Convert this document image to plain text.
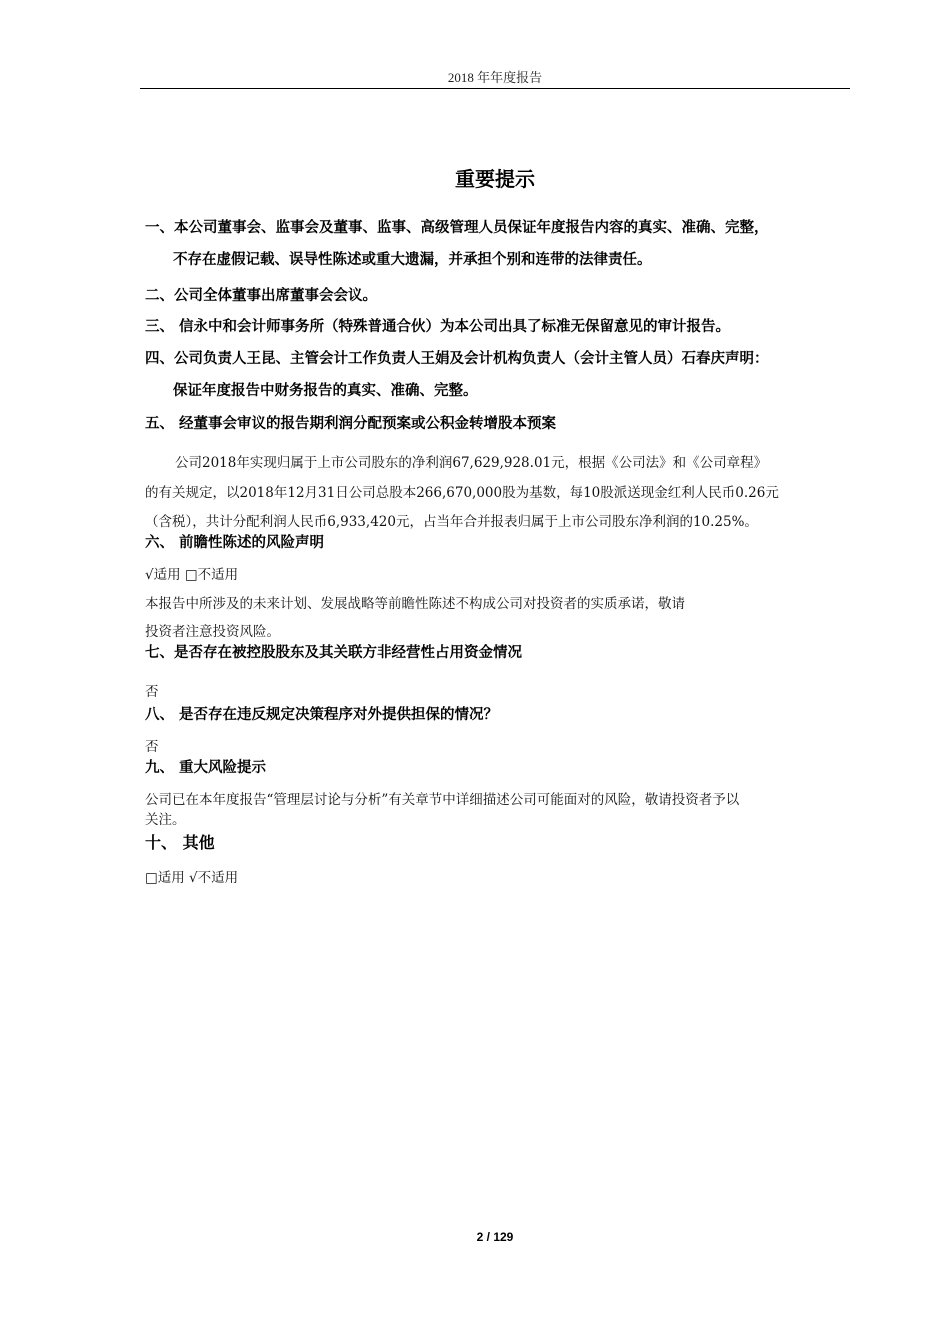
2018 年年度报告
重要提示
一、本公司董事会、监事会及董事、监事、高级管理人员保证年度报告内容的真实、准确、完整，
不存在虚假记载、误导性陈述或重大遗漏，并承担个别和连带的法律责任。
二、公司全体董事出席董事会会议。
三、 信永中和会计师事务所（特殊普通合伙）为本公司出具了标准无保留意见的审计报告。
四、公司负责人王昆、主管会计工作负责人王娟及会计机构负责人（会计主管人员）石春庆声明：
保证年度报告中财务报告的真实、准确、完整。
五、 经董事会审议的报告期利润分配预案或公积金转增股本预案
公司2018年实现归属于上市公司股东的净利润67,629,928.01元，根据《公司法》和《公司章程》
的有关规定，以2018年12月31日公司总股本266,670,000股为基数，每10股派送现金红利人民币0.26元
（含税），共计分配利润人民币6,933,420元，占当年合并报表归属于上市公司股东净利润的10.25%。
六、 前瞻性陈述的风险声明
√适用 □不适用
本报告中所涉及的未来计划、发展战略等前瞻性陈述不构成公司对投资者的实质承诺，敬请
投资者注意投资风险。
七、是否存在被控股股东及其关联方非经营性占用资金情况
否
八、 是否存在违反规定决策程序对外提供担保的情况？
否
九、 重大风险提示
公司已在本年度报告“管理层讨论与分析”有关章节中详细描述公司可能面对的风险，敬请投资者予以
关注。
十、 其他
□适用 √不适用
2 / 129
